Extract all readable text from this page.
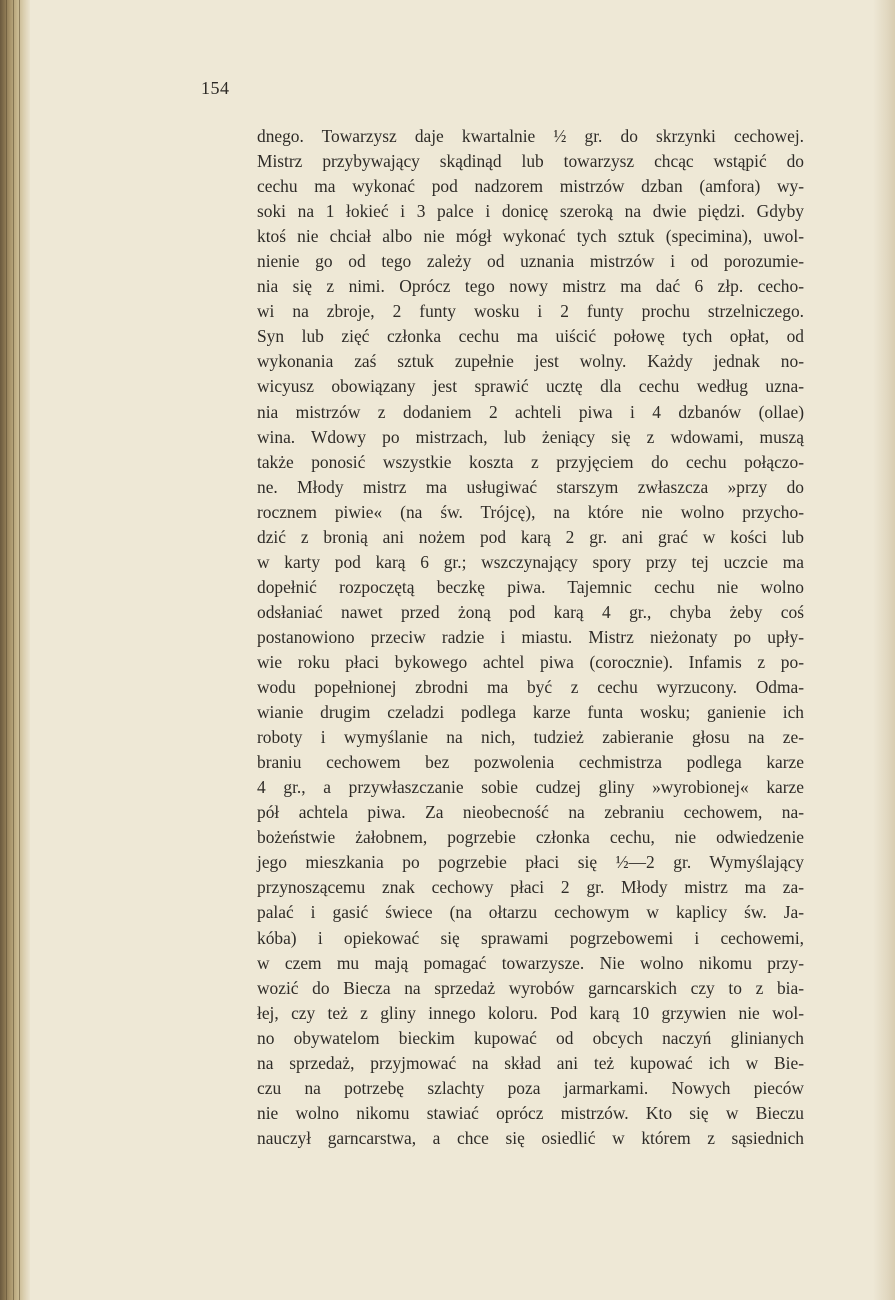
154
dnego. Towarzysz daje kwartalnie ½ gr. do skrzynki cechowej.
Mistrz przybywający skądinąd lub towarzysz chcąc wstąpić do
cechu ma wykonać pod nadzorem mistrzów dzban (amfora) wy-
soki na 1 łokieć i 3 palce i donicę szeroką na dwie piędzi. Gdyby
ktoś nie chciał albo nie mógł wykonać tych sztuk (specimina), uwol-
nienie go od tego zależy od uznania mistrzów i od porozumie-
nia się z nimi. Oprócz tego nowy mistrz ma dać 6 złp. cecho-
wi na zbroje, 2 funty wosku i 2 funty prochu strzelniczego.
Syn lub zięć członka cechu ma uiścić połowę tych opłat, od
wykonania zaś sztuk zupełnie jest wolny. Każdy jednak no-
wicyusz obowiązany jest sprawić ucztę dla cechu według uzna-
nia mistrzów z dodaniem 2 achteli piwa i 4 dzbanów (ollae)
wina. Wdowy po mistrzach, lub żeniący się z wdowami, muszą
także ponosić wszystkie koszta z przyjęciem do cechu połączo-
ne. Młody mistrz ma usługiwać starszym zwłaszcza »przy do
rocznem piwie« (na św. Trójcę), na które nie wolno przycho-
dzić z bronią ani nożem pod karą 2 gr. ani grać w kości lub
w karty pod karą 6 gr.; wszczynający spory przy tej uczcie ma
dopełnić rozpoczętą beczkę piwa. Tajemnic cechu nie wolno
odsłaniać nawet przed żoną pod karą 4 gr., chyba żeby coś
postanowiono przeciw radzie i miastu. Mistrz nieżonaty po upły-
wie roku płaci bykowego achtel piwa (corocznie). Infamis z po-
wodu popełnionej zbrodni ma być z cechu wyrzucony. Odma-
wianie drugim czeladzi podlega karze funta wosku; ganienie ich
roboty i wymyślanie na nich, tudzież zabieranie głosu na ze-
braniu cechowem bez pozwolenia cechmistrza podlega karze
4 gr., a przywłaszczanie sobie cudzej gliny »wyrobionej« karze
pół achtela piwa. Za nieobecność na zebraniu cechowem, na-
bożeństwie żałobnem, pogrzebie członka cechu, nie odwiedzenie
jego mieszkania po pogrzebie płaci się ½—2 gr. Wymyślający
przynoszącemu znak cechowy płaci 2 gr. Młody mistrz ma za-
palać i gasić świece (na ołtarzu cechowym w kaplicy św. Ja-
kóba) i opiekować się sprawami pogrzebowemi i cechowemi,
w czem mu mają pomagać towarzysze. Nie wolno nikomu przy-
wozić do Biecza na sprzedaż wyrobów garncarskich czy to z bia-
łej, czy też z gliny innego koloru. Pod karą 10 grzywien nie wol-
no obywatelom bieckim kupować od obcych naczyń glinianych
na sprzedaż, przyjmować na skład ani też kupować ich w Bie-
czu na potrzebę szlachty poza jarmarkami. Nowych pieców
nie wolno nikomu stawiać oprócz mistrzów. Kto się w Bieczu
nauczył garncarstwa, a chce się osiedlić w którem z sąsiednich
